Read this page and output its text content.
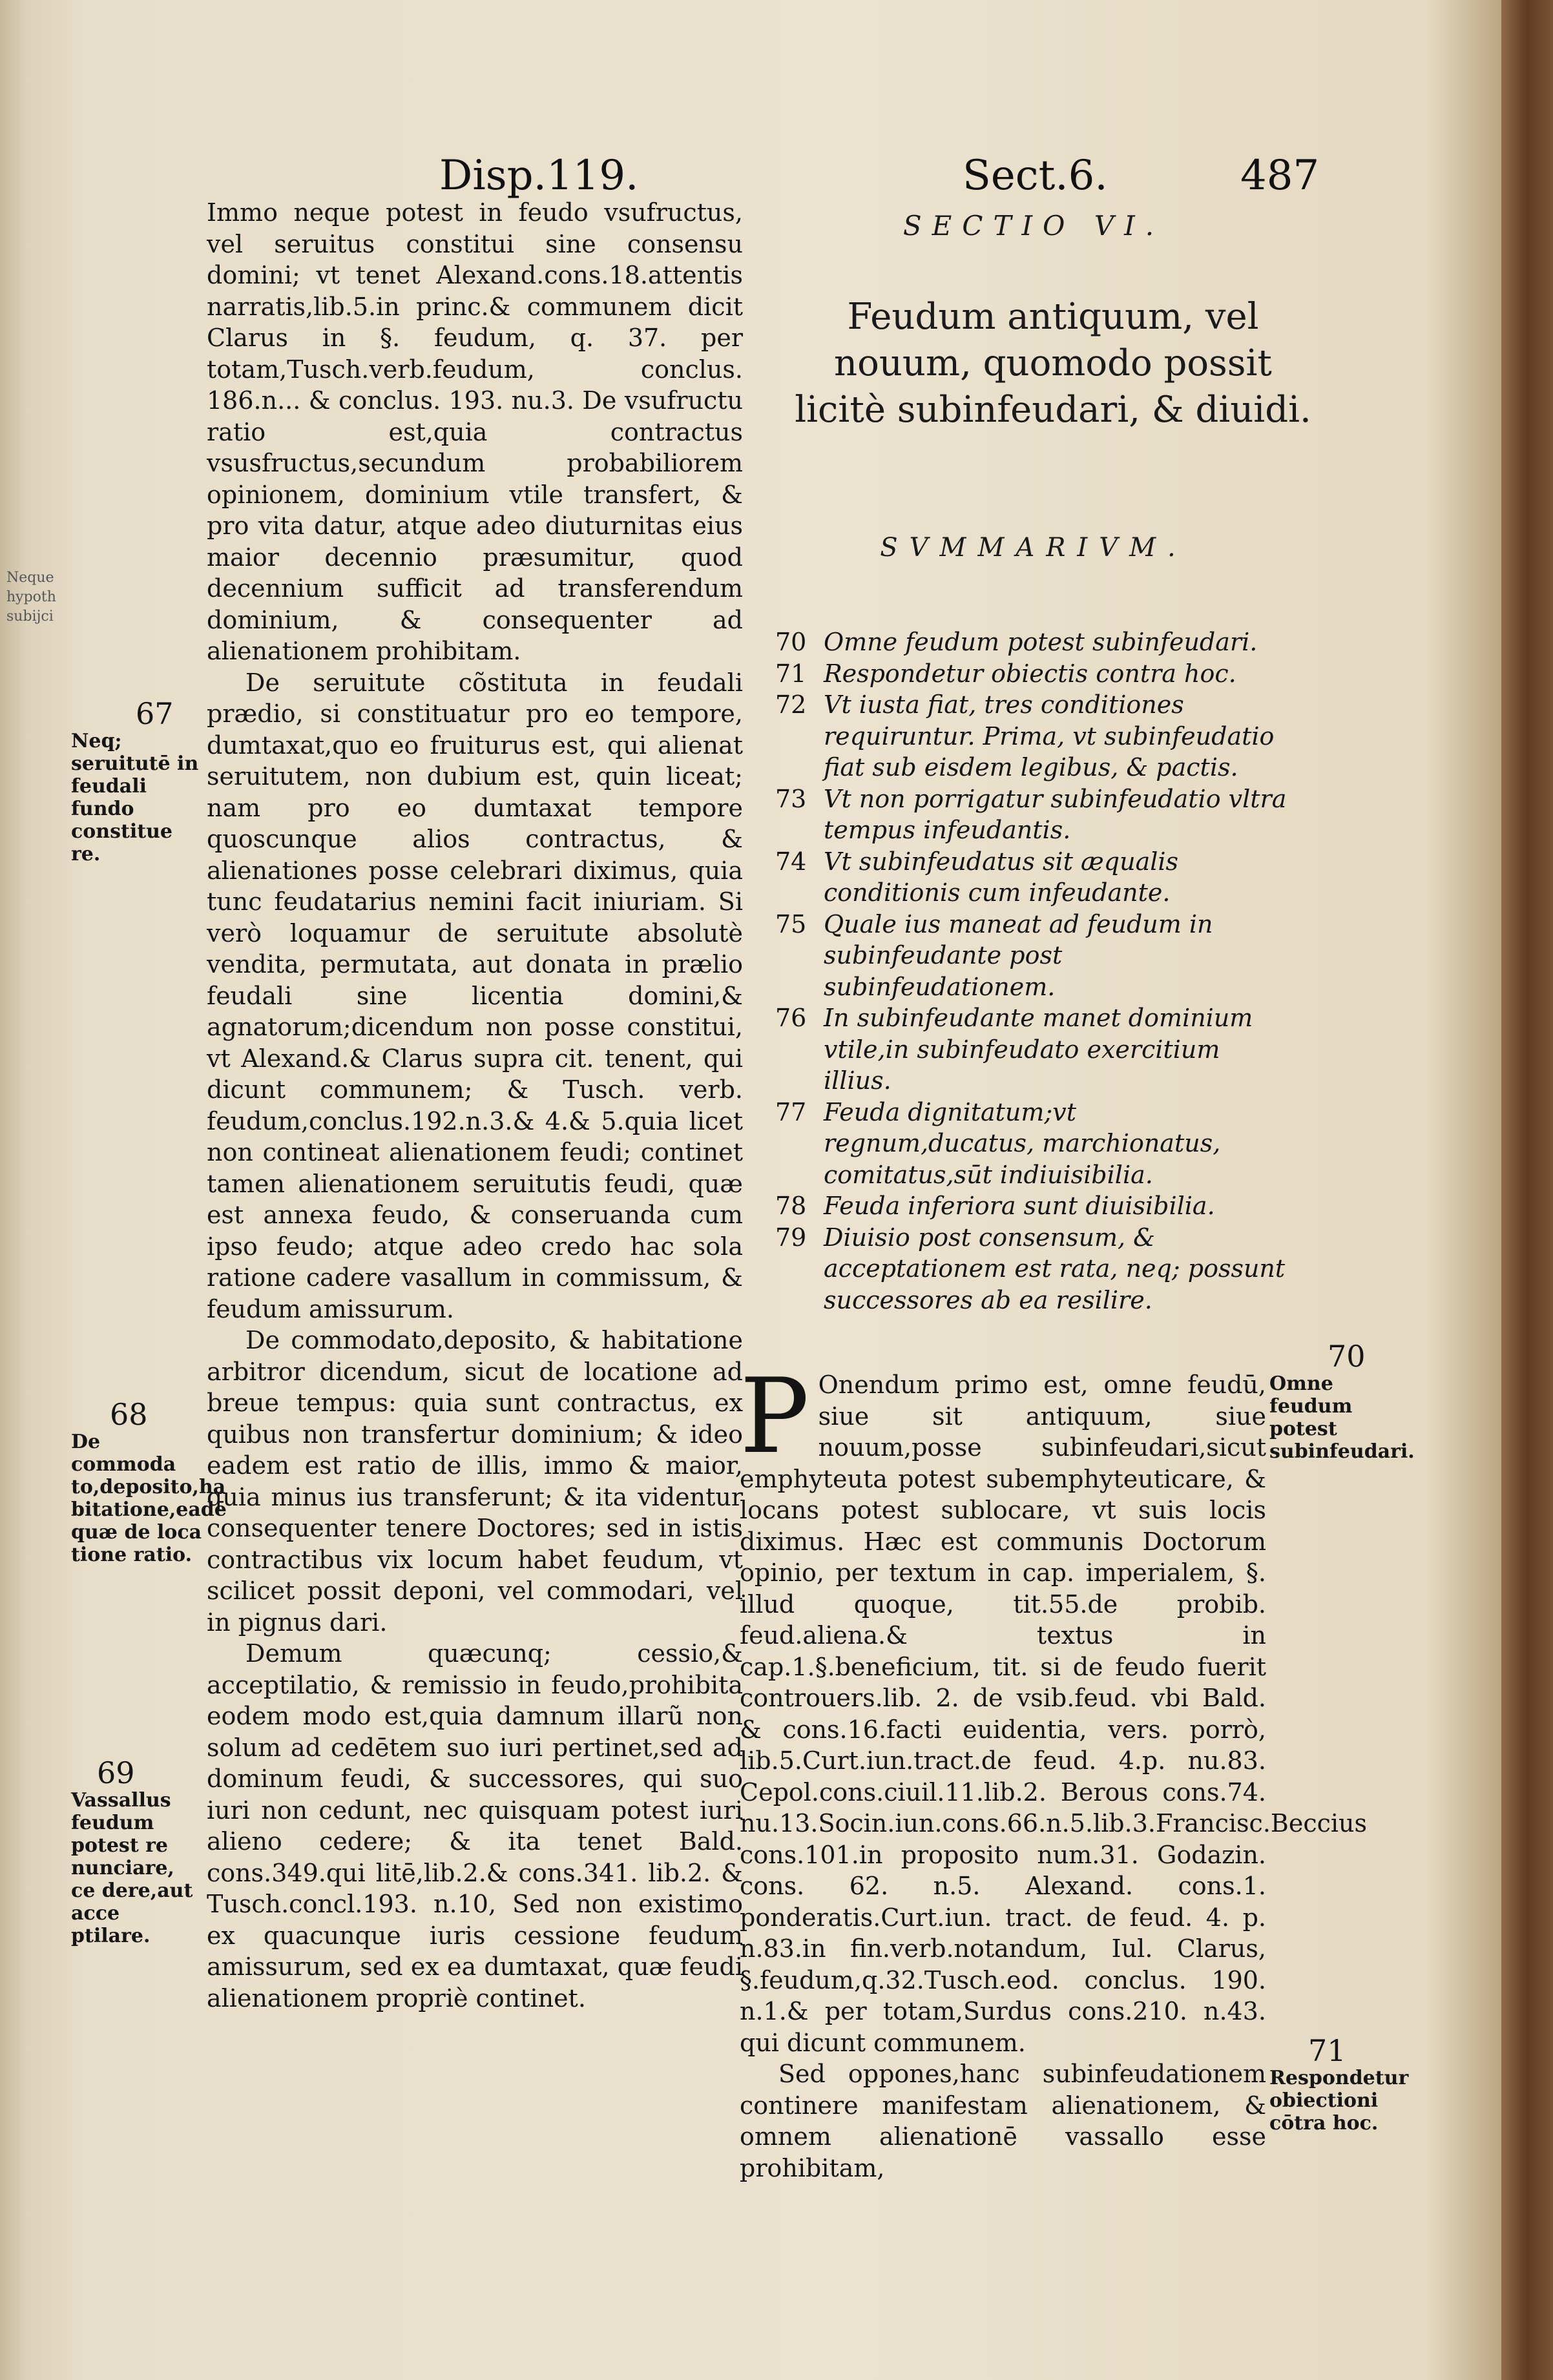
Neque
hypoth
subijci
Disp.119.	Sect.6.	487

Immo neque potest in feudo vsufructus, vel seruitus constitui sine consensu domini; vt tenet Alexand.cons.18.attentis narratis,lib.5.in princ.& communem dicit Clarus in §. feudum, q. 37. per totam,Tusch.verb.feudum, conclus. 186.n... & conclus. 193. nu.3. De vsufructu ratio est,quia contractus vsusfructus,secundum probabiliorem opinionem, dominium vtile transfert, & pro vita datur, atque adeo diuturnitas eius maior decennio præsumitur, quod decennium sufficit ad transferendum dominium, & consequenter ad alienationem prohibitam.

De seruitute cõstituta in feudali prædio, si constituatur pro eo tempore, dumtaxat,quo eo fruiturus est, qui alienat seruitutem, non dubium est, quin liceat; nam pro eo dumtaxat tempore quoscunque alios contractus, & alienationes posse celebrari diximus, quia tunc feudatarius nemini facit iniuriam. Si verò loquamur de seruitute absolutè vendita, permutata, aut donata in prælio feudali sine licentia domini,& agnatorum;dicendum non posse constitui, vt Alexand.& Clarus supra cit. tenent, qui dicunt communem; & Tusch. verb. feudum,conclus.192.n.3.& 4.& 5.quia licet non contineat alienationem feudi; continet tamen alienationem seruitutis feudi, quæ est annexa feudo, & conseruanda cum ipso feudo; atque adeo credo hac sola ratione cadere vasallum in commissum, & feudum amissurum.

De commodato,deposito, & habitatione arbitror dicendum, sicut de locatione ad breue tempus: quia sunt contractus, ex quibus non transfertur dominium; & ideo eadem est ratio de illis, immo & maior, quia minus ius transferunt; & ita videntur consequenter tenere Doctores; sed in istis contractibus vix locum habet feudum, vt scilicet possit deponi, vel commodari, vel in pignus dari.

Demum quæcunq; cessio,& acceptilatio, & remissio in feudo,prohibita eodem modo est,quia damnum illarũ non solum ad cedētem suo iuri pertinet,sed ad dominum feudi, & successores, qui suo iuri non cedunt, nec quisquam potest iuri alieno cedere; & ita tenet Bald. cons.349.qui litē,lib.2.& cons.341. lib.2. & Tusch.concl.193. n.10, Sed non existimo ex quacunque iuris cessione feudum amissurum, sed ex ea dumtaxat, quæ feudi alienationem propriè continet.

67
Neq; seruitutē in feudali fundo constitue re.
68
De commoda to,deposito,ha bitatione,eadē quæ de loca tione ratio.
69
Vassallus feudum potest re nunciare, ce dere,aut acce ptilare.
SECTIO VI.
Feudum antiquum, vel nouum, quomodo possit licitè subinfeudari, & diuidi.
SVMMARIVM.
70 Omne feudum potest subinfeudari.
71 Respondetur obiectis contra hoc.
72 Vt iusta fiat, tres conditiones requiruntur. Prima, vt subinfeudatio fiat sub eisdem legibus, & pactis.
73 Vt non porrigatur subinfeudatio vltra tempus infeudantis.
74 Vt subinfeudatus sit æqualis conditionis cum infeudante.
75 Quale ius maneat ad feudum in subinfeudante post subinfeudationem.
76 In subinfeudante manet dominium vtile,in subinfeudato exercitium illius.
77 Feuda dignitatum;vt regnum,ducatus, marchionatus, comitatus,sūt indiuisibilia.
78 Feuda inferiora sunt diuisibilia.
79 Diuisio post consensum, & acceptationem est rata, neq; possunt successores ab ea resilire.

P Onendum primo est, omne feudū, siue sit antiquum, siue nouum,posse subinfeudari,sicut emphyteuta potest subemphyteuticare, & locans potest sublocare, vt suis locis diximus. Hæc est communis Doctorum opinio, per textum in cap. imperialem, §. illud quoque, tit.55.de probib. feud.aliena.& textus in cap.1.§.beneficium, tit. si de feudo fuerit controuers.lib. 2. de vsib.feud. vbi Bald. & cons.16.facti euidentia, vers. porrò, lib.5.Curt.iun.tract.de feud. 4.p. nu.83. Cepol.cons.ciuil.11.lib.2. Berous cons.74. nu.13.Socin.iun.cons.66.n.5.lib.3.Francisc.Beccius cons.101.in proposito num.31. Godazin. cons. 62. n.5. Alexand. cons.1. ponderatis.Curt.iun. tract. de feud. 4. p. n.83.in fin.verb.notandum, Iul. Clarus, §.feudum,q.32.Tusch.eod. conclus. 190. n.1.& per totam,Surdus cons.210. n.43. qui dicunt communem.

Sed oppones,hanc subinfeudationem continere manifestam alienationem, & omnem alienationē vassallo esse prohibitam,

70
Omne feudum potest subinfeudari.
71
Respondetur obiectioni cōtra hoc.
